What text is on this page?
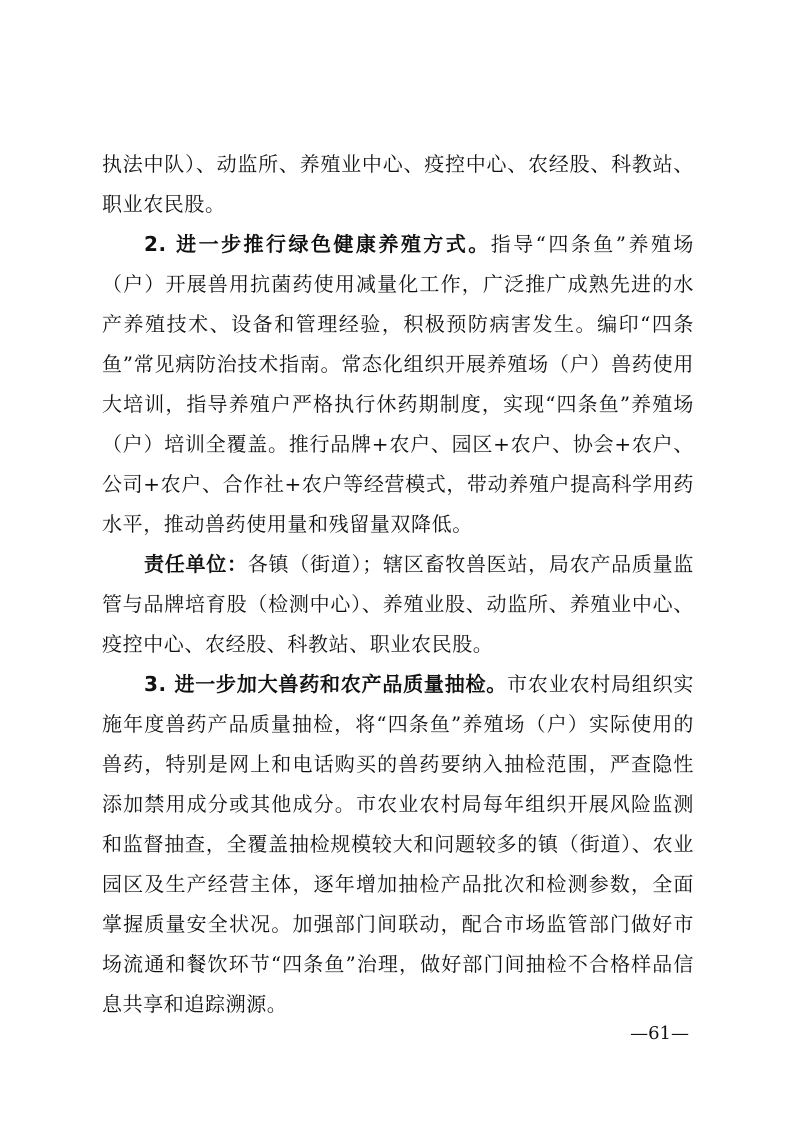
执法中队）、动监所、养殖业中心、疫控中心、农经股、科教站、职业农民股。

2. 进一步推行绿色健康养殖方式。指导“四条鱼”养殖场（户）开展兽用抗菌药使用减量化工作，广泛推广成熟先进的水产养殖技术、设备和管理经验，积极预防病害发生。编印“四条鱼”常见病防治技术指南。常态化组织开展养殖场（户）兽药使用大培训，指导养殖户严格执行休药期制度，实现“四条鱼”养殖场（户）培训全覆盖。推行品牌+农户、园区+农户、协会+农户、公司+农户、合作社+农户等经营模式，带动养殖户提高科学用药水平，推动兽药使用量和残留量双降低。

责任单位：各镇（街道）；辖区畜牧兽医站，局农产品质量监管与品牌培育股（检测中心）、养殖业股、动监所、养殖业中心、疫控中心、农经股、科教站、职业农民股。

3. 进一步加大兽药和农产品质量抽检。市农业农村局组织实施年度兽药产品质量抽检，将“四条鱼”养殖场（户）实际使用的兽药，特别是网上和电话购买的兽药要纳入抽检范围，严查隐性添加禁用成分或其他成分。市农业农村局每年组织开展风险监测和监督抽查，全覆盖抽检规模较大和问题较多的镇（街道）、农业园区及生产经营主体，逐年增加抽检产品批次和检测参数，全面掌握质量安全状况。加强部门间联动，配合市场监管部门做好市场流通和餐饮环节“四条鱼”治理，做好部门间抽检不合格样品信息共享和追踪溯源。

—61—
